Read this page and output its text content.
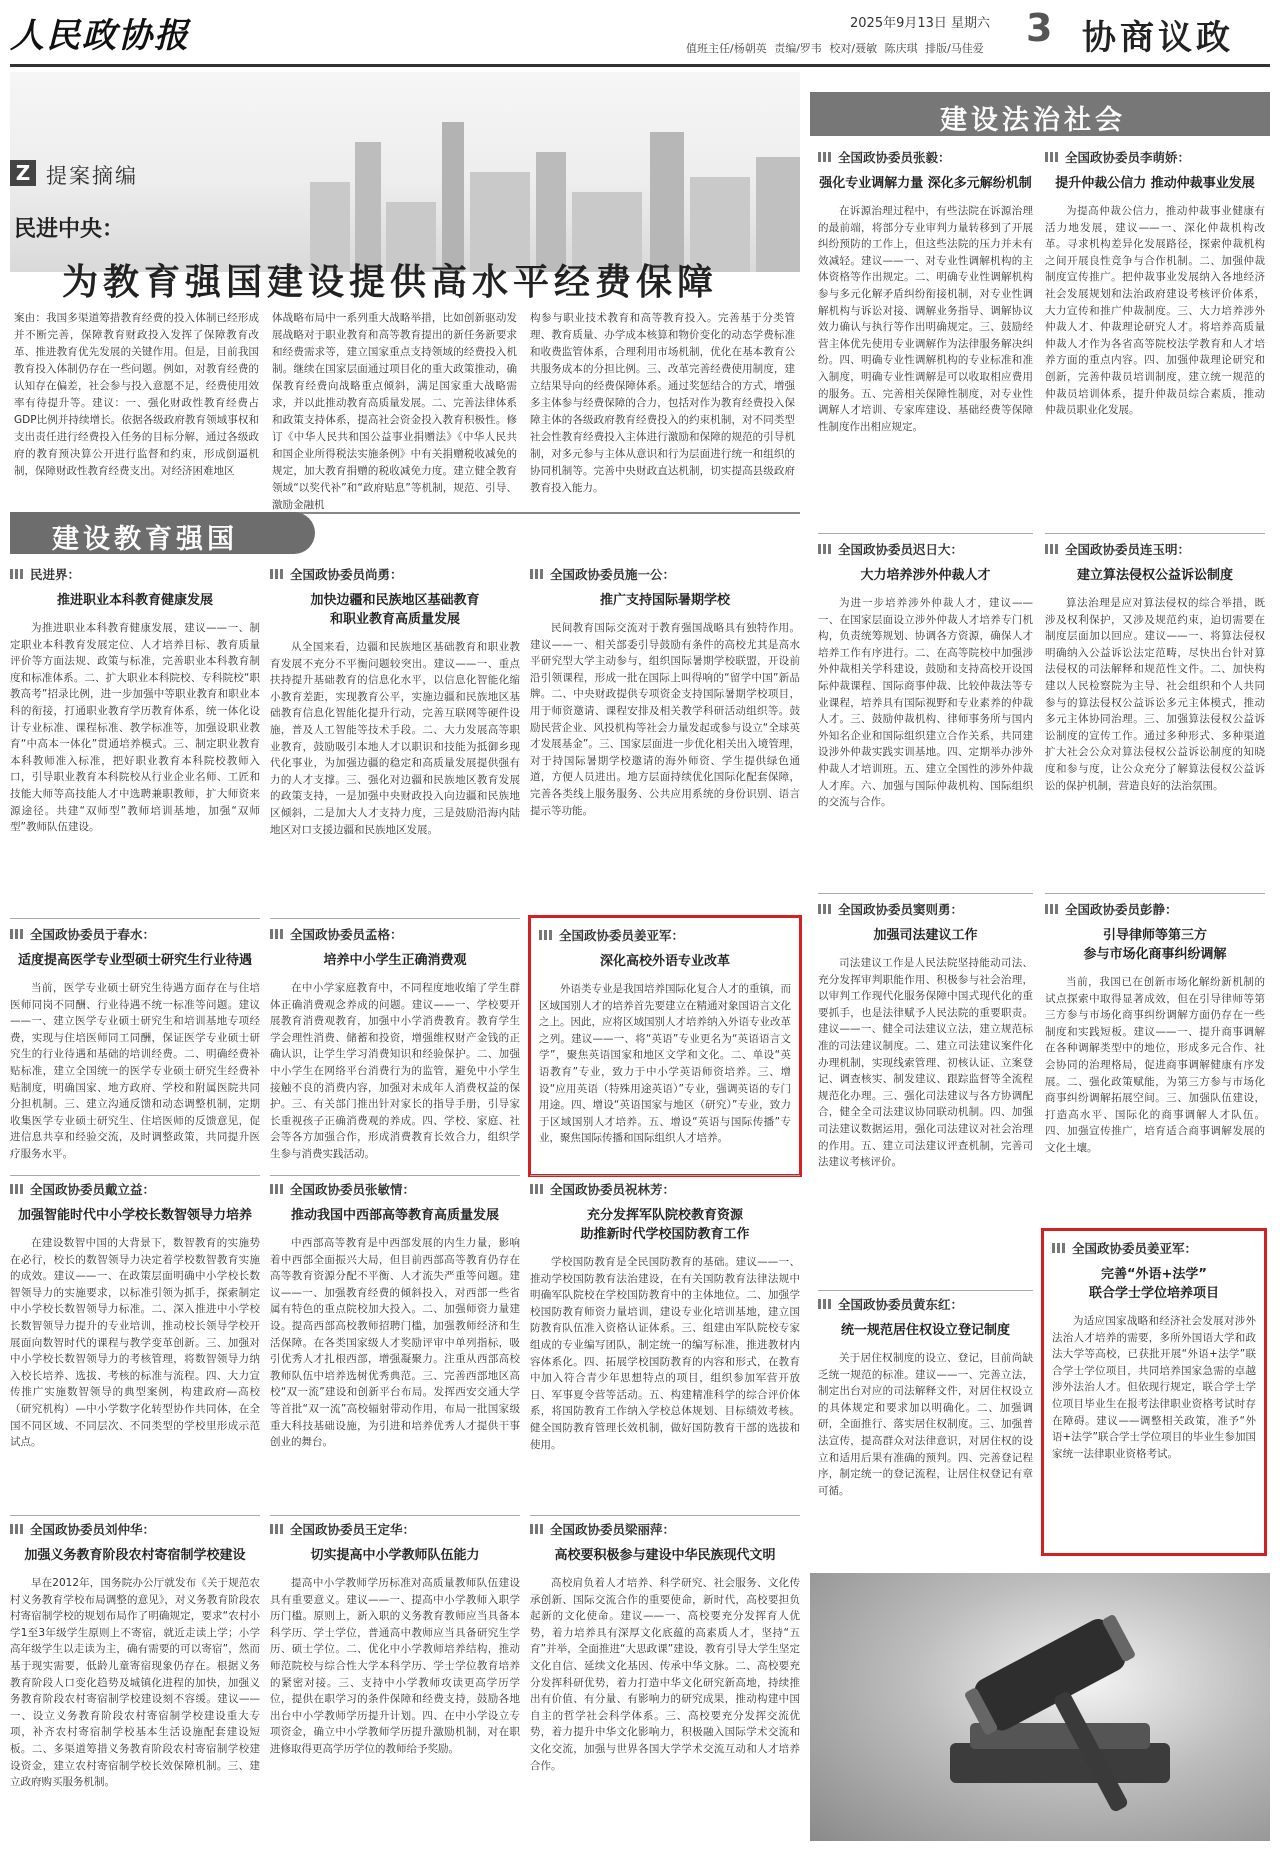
人民政协报	2025年9月13日 星期六
值班主任/杨朝英 责编/罗韦 校对/聂敏 陈庆琪 排版/马佳爱 3 协商议政
Z 提案摘编
民进中央：
为教育强国建设提供高水平经费保障
案由：我国多渠道筹措教育经费的投入体制已经形成并不断完善，保障教育财政投入发挥了保障教育改革、推进教育优先发展的关键作用。但是，目前我国教育投入体制仍存在一些问题。例如，对教育经费的认知存在偏差，社会参与投入意愿不足，经费使用效率有待提升等。建议：一、强化财政性教育经费占GDP比例并持续增长。依据各级政府教育领域事权和支出责任进行经费投入任务的目标分解，通过各级政府的教育预决算公开进行监督和约束，形成倒逼机制，保障财政性教育经费支出。对经济困难地区
体战略布局中一系列重大战略举措，比如创新驱动发展战略对于职业教育和高等教育提出的新任务新要求和经费需求等，建立国家重点支持领域的经费投入机制。继续在国家层面通过项目化的重大政策推动，确保教育经费向战略重点倾斜，满足国家重大战略需求，并以此推动教育高质量发展。二、完善法律体系和政策支持体系，提高社会资金投入教育积极性。修订《中华人民共和国公益事业捐赠法》《中华人民共和国企业所得税法实施条例》中有关捐赠税收减免的规定，加大教育捐赠的税收减免力度。建立健全教育领域“以奖代补”和“政府贴息”等机制，规范、引导、激励金融机
构参与职业技术教育和高等教育投入。完善基于分类管理、教育质量、办学成本核算和物价变化的动态学费标准和收费监管体系，合理利用市场机制，优化在基本教育公共服务成本的分担比例。三、改革完善经费使用制度，建立结果导向的经费保障体系。通过奖惩结合的方式，增强多主体参与经费保障的合力，包括对作为教育经费投入保障主体的各级政府教育经费投入的约束机制，对不同类型社会性教育经费投入主体进行激励和保障的规范的引导机制，对多元参与主体从意识和行为层面进行统一和组织的协同机制等。完善中央财政直达机制，切实提高县级政府教育投入能力。
建设教育强国
建设法治社会
民进界：
推进职业本科教育健康发展
为推进职业本科教育健康发展，建议——一、制定职业本科教育发展定位、人才培养目标、教育质量评价等方面法规、政策与标准，完善职业本科教育制度和标准体系。二、扩大职业本科院校、专科院校“职教高考”招录比例，进一步加强中等职业教育和职业本科的衔接，打通职业教育学历教育体系，统一体化设计专业标准、课程标准、教学标准等，加强设职业教育“中高本一体化”贯通培养模式。三、制定职业教育本科教师准入标准，把好职业教育本科院校教师入口，引导职业教育本科院校从行业企业名师、工匠和技能大师等高技能人才中选聘兼职教师，扩大师资来源途径。共建“双师型”教师培训基地，加强“双师型”教师队伍建设。
全国政协委员尚勇：
加快边疆和民族地区基础教育
和职业教育高质量发展
从全国来看，边疆和民族地区基础教育和职业教育发展不充分不平衡问题较突出。建议——一、重点扶持提升基础教育的信息化水平，以信息化智能化缩小教育差距，实现教育公平，实施边疆和民族地区基础教育信息化智能化提升行动，完善互联网等硬件设施，普及人工智能等技术手段。二、大力发展高等职业教育，鼓励吸引本地人才以职识和技能为抵御乡现代化事业，为加强边疆的稳定和高质量发展提供强有力的人才支撑。三、强化对边疆和民族地区教育发展的政策支持，一是加强中央财政投入向边疆和民族地区倾斜，二是加大人才支持力度，三是鼓励沿海内陆地区对口支援边疆和民族地区发展。
全国政协委员施一公：
推广支持国际暑期学校
民间教育国际交流对于教育强国战略具有独特作用。建议——一、相关部委引导鼓励有条件的高校尤其是高水平研究型大学主动参与，组织国际暑期学校联盟，开设前沿引领课程，形成一批在国际上叫得响的“留学中国”新品牌。二、中央财政提供专项资金支持国际暑期学校项目，用于师资邀请、课程安排及相关教学科研活动组织等。鼓励民营企业、风投机构等社会力量发起或参与设立“全球英才发展基金”。三、国家层面进一步优化相关出入境管理，对于持国际暑期学校邀请的海外师资、学生提供绿色通道，方便人员进出。地方层面持续优化国际化配套保障，完善各类线上服务服务、公共应用系统的身份识别、语言提示等功能。
全国政协委员于春水：
适度提高医学专业型硕士研究生行业待遇
当前，医学专业硕士研究生待遇方面存在与住培医师同岗不同酬、行业待遇不统一标准等问题。建议——一、建立医学专业硕士研究生和培训基地专项经费，实现与住培医师同工同酬，保证医学专业硕士研究生的行业待遇和基础的培训经费。二、明确经费补贴标准，建立全国统一的医学专业硕士研究生经费补贴制度，明确国家、地方政府、学校和附属医院共同分担机制。三、建立沟通反馈和动态调整机制，定期收集医学专业硕士研究生、住培医师的反馈意见，促进信息共享和经验交流，及时调整政策，共同提升医疗服务水平。
全国政协委员孟格：
培养中小学生正确消费观
在中小学家庭教育中，不同程度地收缩了学生群体正确消费观念养成的问题。建议——一、学校要开展教育消费观教育，加强中小学消费教育。教育学生学会理性消费、储蓄和投资，增强维权财产金钱的正确认识，让学生学习消费知识和经验保护。二、加强中小学生在网络平台消费行为的监管，避免中小学生接触不良的消费内容，加强对未成年人消费权益的保护。三、有关部门推出针对家长的指导手册，引导家长重视孩子正确消费观的养成。四、学校、家庭、社会等各方加强合作，形成消费教育长效合力，组织学生参与消费实践活动。
全国政协委员姜亚军：
深化高校外语专业改革
外语类专业是我国培养国际化复合人才的重镇，而区域国别人才的培养首先要建立在精通对象国语言文化之上。因此，应将区域国别人才培养纳入外语专业改革之列。建议——一、将“英语”专业更名为“英语语言文学”，聚焦英语国家和地区文学和文化。二、单设“英语教育”专业，致力于中小学英语师资培养。三、增设“应用英语（特殊用途英语）”专业，强调英语的专门用途。四、增设“英语国家与地区（研究）”专业，致力于区域国别人才培养。五、增设“英语与国际传播”专业，聚焦国际传播和国际组织人才培养。
全国政协委员戴立益：
加强智能时代中小学校长数智领导力培养
在建设数智中国的大背景下，数智教育的实施势在必行，校长的数智领导力决定着学校数智教育实施的成效。建议——一、在政策层面明确中小学校长数智领导力的实施要求，以标准引领为抓手，探索制定中小学校长数智领导力标准。二、深入推进中小学校长数智领导力提升的专业培训，推动校长领导学校开展面向数智时代的课程与教学变革创新。三、加强对中小学校长数智领导力的考核管理，将数智领导力纳入校长培养、选拔、考核的标准与流程。四、大力宣传推广实施数智领导的典型案例，构建政府—高校（研究机构）—中小学数字化转型协作共同体，在全国不同区域、不同层次、不同类型的学校里形成示范试点。
全国政协委员张敏情：
推动我国中西部高等教育高质量发展
中西部高等教育是中西部发展的内生力量，影响着中西部全面振兴大局，但目前西部高等教育仍存在高等教育资源分配不平衡、人才流失严重等问题。建议——一、加强教育经费的倾斜投入，对西部一些省属有特色的重点院校加大投入。二、加强师资力量建设。提高西部高校教师招聘门槛，加强教师经济和生活保障。在各类国家级人才奖励评审中单列指标，吸引优秀人才扎根西部，增强凝聚力。注重从西部高校教师队伍中培养选树优秀典范。三、完善西部地区高校“双一流”建设和创新平台布局。发挥西安交通大学等首批“双一流”高校辐射带动作用，布局一批国家级重大科技基础设施，为引进和培养优秀人才提供干事创业的舞台。
全国政协委员祝林芳：
充分发挥军队院校教育资源
助推新时代学校国防教育工作
学校国防教育是全民国防教育的基础。建议——一、推动学校国防教育法治建设，在有关国防教育法律法规中明确军队院校在学校国防教育中的主体地位。二、加强学校国防教育师资力量培训，建设专业化培训基地，建立国防教育队伍准入资格认证体系。三、组建由军队院校专家组成的专业编写团队，制定统一的编写标准，推进教材内容体系化。四、拓展学校国防教育的内容和形式，在教育中加入符合青少年思想特点的项目，组织参加军营开放日、军事夏令营等活动。五、构建精准科学的综合评价体系，将国防教育工作纳入学校总体规划、目标绩效考核。健全国防教育管理长效机制，做好国防教育干部的选拔和使用。
全国政协委员刘仲华：
加强义务教育阶段农村寄宿制学校建设
早在2012年，国务院办公厅就发布《关于规范农村义务教育学校布局调整的意见》，对义务教育阶段农村寄宿制学校的规划布局作了明确规定，要求“农村小学1至3年级学生原则上不寄宿，就近走读上学；小学高年级学生以走读为主，确有需要的可以寄宿”，然而基于现实需要，低龄儿童寄宿现象仍存在。根据义务教育阶段人口变化趋势及城镇化进程的加快，加强义务教育阶段农村寄宿制学校建设刻不容缓。建议——一、设立义务教育阶段农村寄宿制学校建设重大专项，补齐农村寄宿制学校基本生活设施配套建设短板。二、多渠道筹措义务教育阶段农村寄宿制学校建设资金，建立农村寄宿制学校长效保障机制。三、建立政府购买服务机制。
全国政协委员王定华：
切实提高中小学教师队伍能力
提高中小学教师学历标准对高质量教师队伍建设具有重要意义。建议——一、提高中小学教师入职学历门槛。原则上，新入职的义务教育教师应当具备本科学历、学士学位，普通高中教师应当具备研究生学历、硕士学位。二、优化中小学教师培养结构，推动师范院校与综合性大学本科学历、学士学位教育培养的紧密对接。三、支持中小学教师攻读更高学历学位，提供在职学习的条件保障和经费支持，鼓励各地出台中小学教师学历提升计划。四、在中小学设立专项资金，确立中小学教师学历提升激励机制，对在职进修取得更高学历学位的教师给予奖励。
全国政协委员梁丽萍：
高校要积极参与建设中华民族现代文明
高校肩负着人才培养、科学研究、社会服务、文化传承创新、国际交流合作的重要使命，新时代，高校要担负起新的文化使命。建议——一、高校要充分发挥育人优势，着力培养具有深厚文化底蕴的高素质人才，坚持“五育”并举，全面推进“大思政课”建设，教育引导大学生坚定文化自信、延续文化基因、传承中华文脉。二、高校要充分发挥科研优势，着力打造中华文化研究新高地，持续推出有价值、有分量、有影响力的研究成果，推动构建中国自主的哲学社会科学体系。三、高校要充分发挥交流优势，着力提升中华文化影响力，积极融入国际学术交流和文化交流，加强与世界各国大学学术交流互动和人才培养合作。
全国政协委员张毅：
强化专业调解力量 深化多元解纷机制
在诉源治理过程中，有些法院在诉源治理的最前端，将部分专业审判力量转移到了开展纠纷预防的工作上，但这些法院的压力并未有效减轻。建议——一、对专业性调解机构的主体资格等作出规定。二、明确专业性调解机构参与多元化解矛盾纠纷衔接机制，对专业性调解机构与诉讼对接、调解业务指导、调解协议效力确认与执行等作出明确规定。三、鼓励经营主体优先使用专业调解作为法律服务解决纠纷。四、明确专业性调解机构的专业标准和准入制度，明确专业性调解是可以收取相应费用的服务。五、完善相关保障性制度，对专业性调解人才培训、专家库建设、基础经费等保障性制度作出相应规定。
全国政协委员李萌娇：
提升仲裁公信力 推动仲裁事业发展
为提高仲裁公信力，推动仲裁事业健康有活力地发展，建议——一、深化仲裁机构改革。寻求机构差异化发展路径，探索仲裁机构之间开展良性竞争与合作机制。二、加强仲裁制度宣传推广。把仲裁事业发展纳入各地经济社会发展规划和法治政府建设考核评价体系，大力宣传和推广仲裁制度。三、大力培养涉外仲裁人才、仲裁理论研究人才。将培养高质量仲裁人才作为各省高等院校法学教育和人才培养方面的重点内容。四、加强仲裁理论研究和创新，完善仲裁员培训制度，建立统一规范的仲裁员培训体系，提升仲裁员综合素质，推动仲裁员职业化发展。
全国政协委员迟日大：
大力培养涉外仲裁人才
为进一步培养涉外仲裁人才，建议——一、在国家层面设立涉外仲裁人才培养专门机构，负责统筹规划、协调各方资源，确保人才培养工作有序进行。二、在高等院校中加强涉外仲裁相关学科建设，鼓励和支持高校开设国际仲裁课程、国际商事仲裁、比较仲裁法等专业课程，培养具有国际视野和专业素养的仲裁人才。三、鼓励仲裁机构、律师事务所与国内外知名企业和国际组织建立合作关系，共同建设涉外仲裁实践实训基地。四、定期举办涉外仲裁人才培训班。五、建立全国性的涉外仲裁人才库。六、加强与国际仲裁机构、国际组织的交流与合作。
全国政协委员连玉明：
建立算法侵权公益诉讼制度
算法治理是应对算法侵权的综合举措，既涉及权利保护，又涉及规范约束，迫切需要在制度层面加以回应。建议——一、将算法侵权明确纳入公益诉讼法定范畴，尽快出台针对算法侵权的司法解释和规范性文件。二、加快构建以人民检察院为主导、社会组织和个人共同参与的算法侵权公益诉讼多元主体模式，推动多元主体协同治理。三、加强算法侵权公益诉讼制度的宣传工作。通过多种形式、多种渠道扩大社会公众对算法侵权公益诉讼制度的知晓度和参与度，让公众充分了解算法侵权公益诉讼的保护机制，营造良好的法治氛围。
全国政协委员窦则勇：
加强司法建议工作
司法建议工作是人民法院坚持能动司法、充分发挥审判职能作用、积极参与社会治理，以审判工作现代化服务保障中国式现代化的重要抓手，也是法律赋予人民法院的重要职责。建议——一、健全司法建议立法，建立规范标准的司法建议制度。二、建立司法建议案件化办理机制，实现线索管理、初核认证、立案登记、调查核实、制发建议、跟踪监督等全流程规范化办理。三、强化司法建议与各方协调配合，健全全司法建议协同联动机制。四、加强司法建议数据运用，强化司法建议对社会治理的作用。五、建立司法建议评查机制，完善司法建议考核评价。
全国政协委员彭静：
引导律师等第三方
参与市场化商事纠纷调解
当前，我国已在创新市场化解纷新机制的试点探索中取得显著成效，但在引导律师等第三方参与市场化商事纠纷调解方面仍存在一些制度和实践短板。建议——一、提升商事调解在各种调解类型中的地位，形成多元合作、社会协同的治理格局，促进商事调解健康有序发展。二、强化政策赋能，为第三方参与市场化商事纠纷调解拓展空间。三、加强队伍建设，打造高水平、国际化的商事调解人才队伍。四、加强宣传推广，培育适合商事调解发展的文化土壤。
全国政协委员黄东红：
统一规范居住权设立登记制度
关于居住权制度的设立、登记，目前尚缺乏统一规范的标准。建议——一、完善立法，制定出台对应的司法解释文件，对居住权设立的具体规定和要求加以明确化。二、加强调研，全面推行、落实居住权制度。三、加强普法宣传，提高群众对法律意识，对居住权的设立和适用后果有准确的预判。四、完善登记程序，制定统一的登记流程，让居住权登记有章可循。
全国政协委员姜亚军：
完善“外语+法学”
联合学士学位培养项目
为适应国家战略和经济社会发展对涉外法治人才培养的需要，多所外国语大学和政法大学等高校，已获批开展“外语+法学”联合学士学位项目，共同培养国家急需的卓越涉外法治人才。但依现行规定，联合学士学位项目毕业生在报考法律职业资格考试时存在障碍。建议——调整相关政策，准予“外语+法学”联合学士学位项目的毕业生参加国家统一法律职业资格考试。
